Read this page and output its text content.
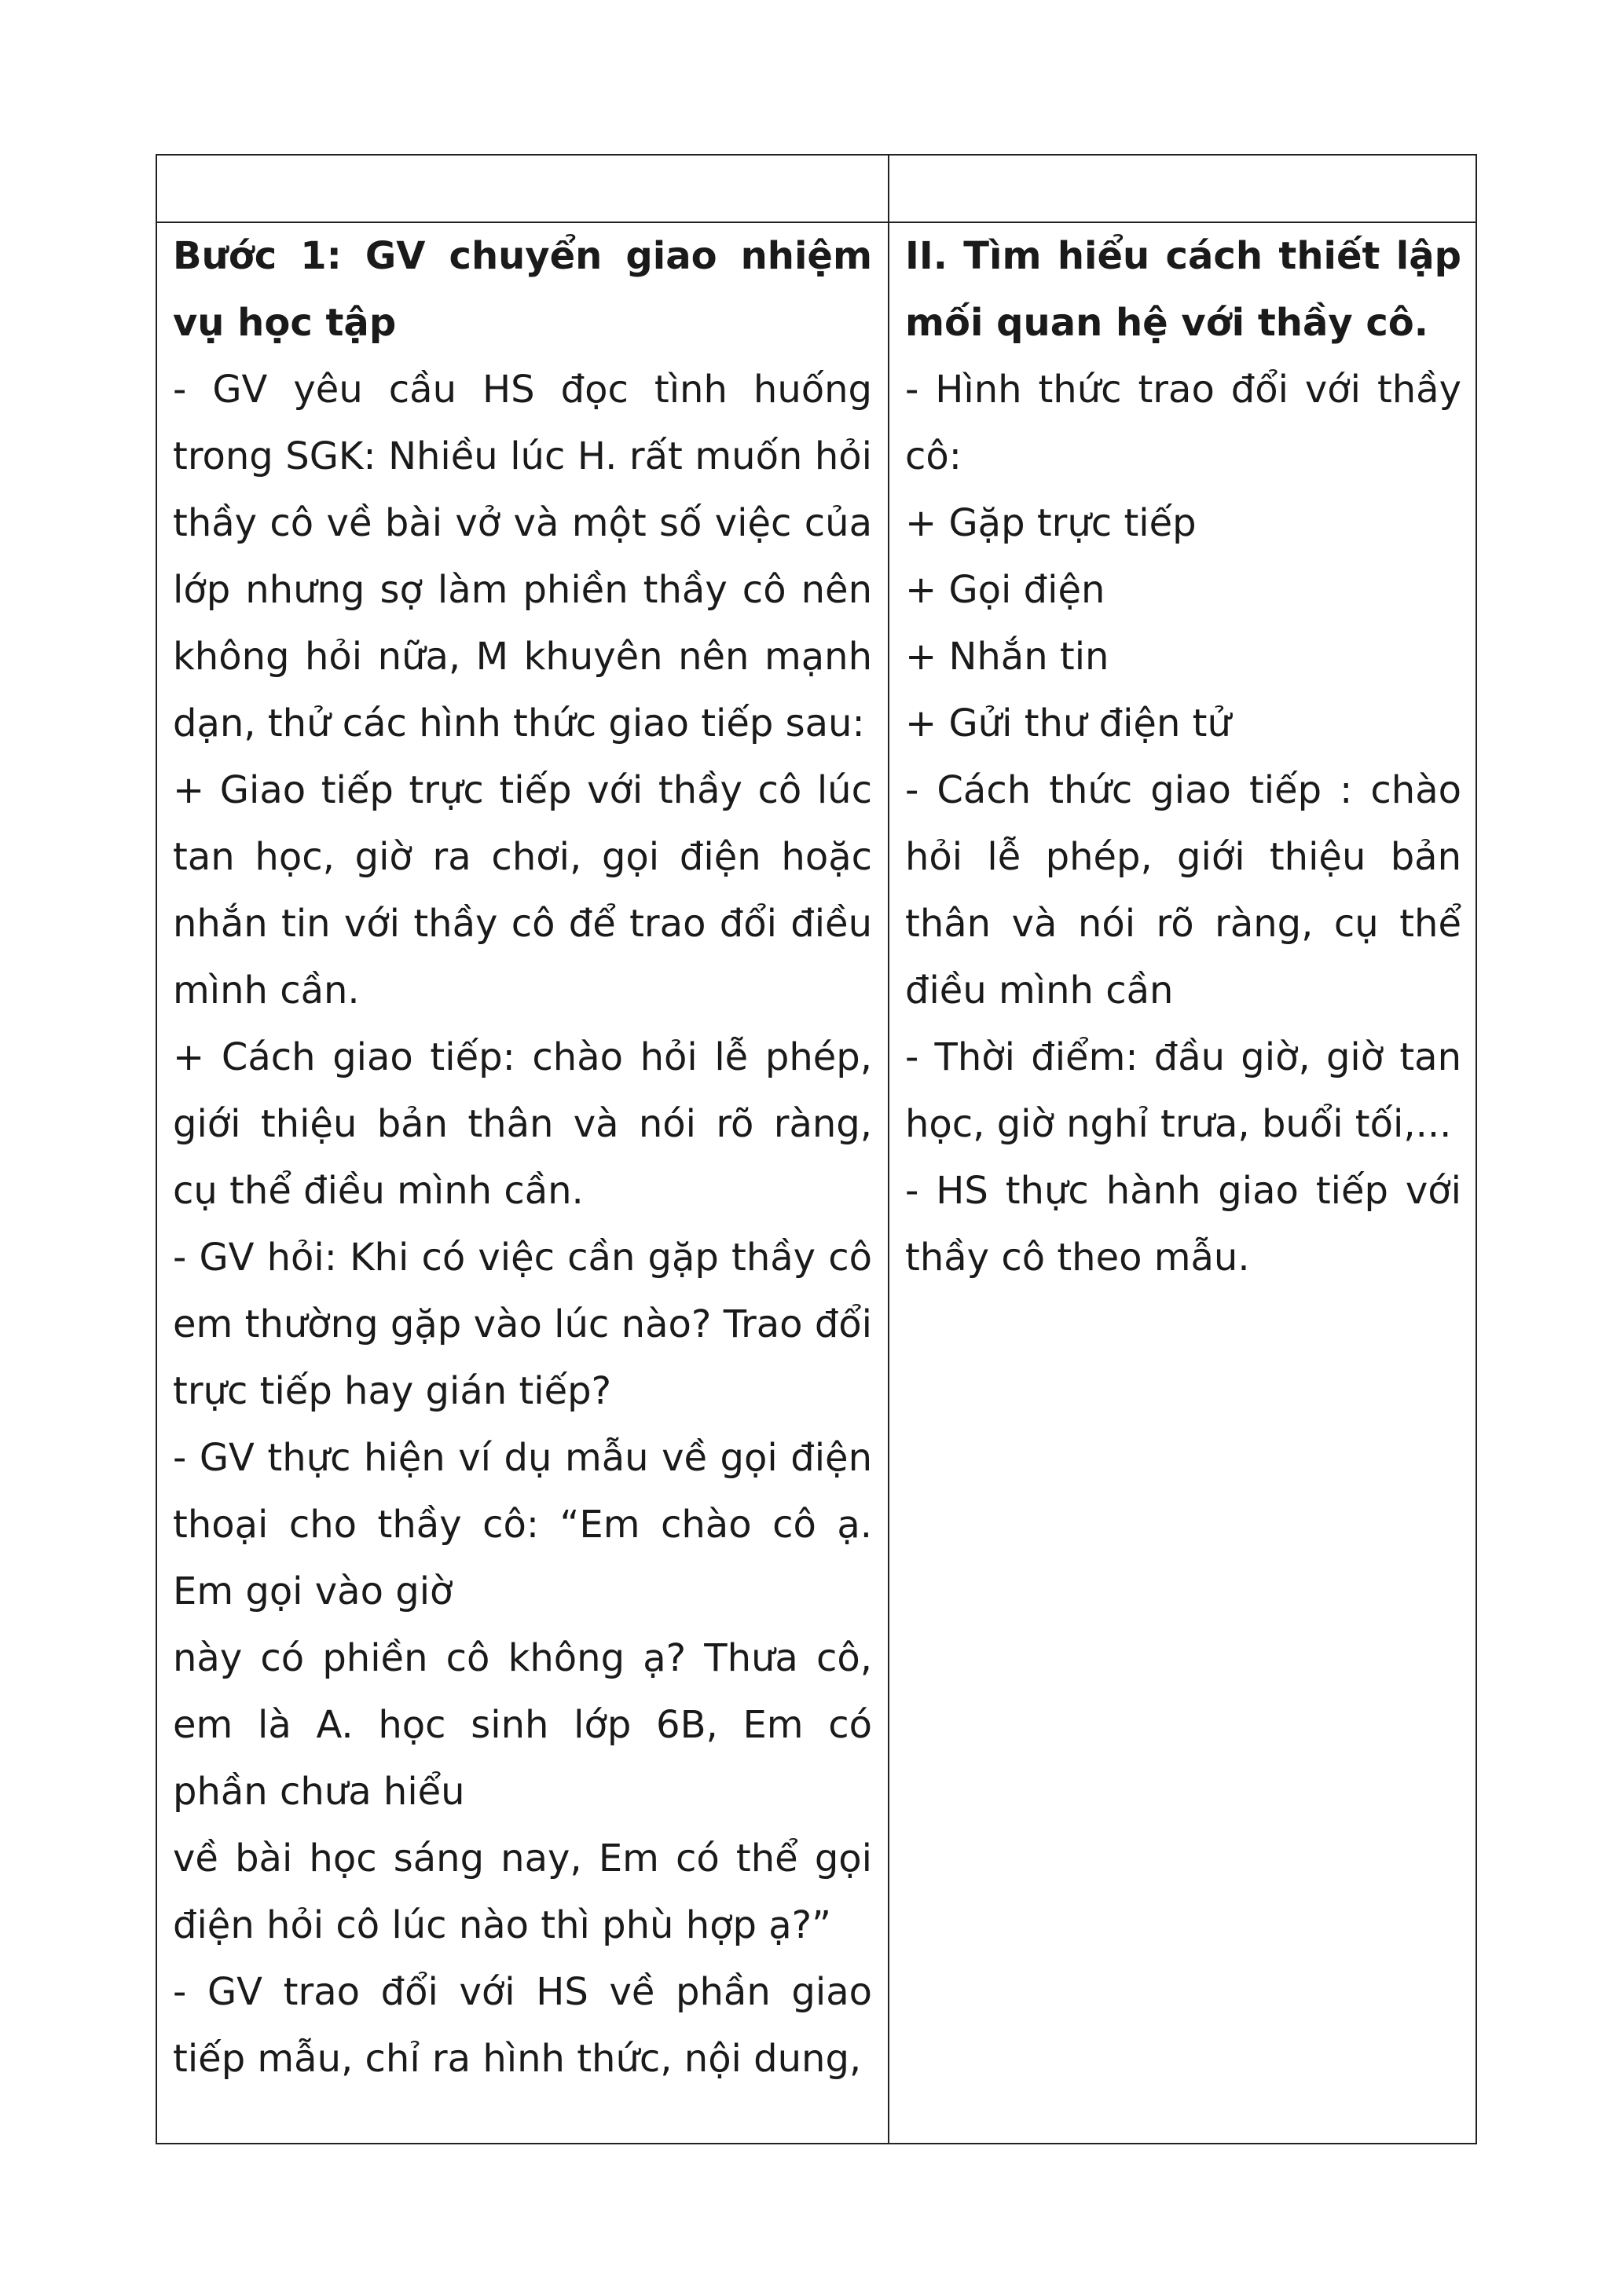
Bước 1: GV chuyển giao nhiệm vụ học tập

- GV yêu cầu HS đọc tình huống trong SGK: Nhiều lúc H. rất muốn hỏi thầy cô về bài vở và một số việc của lớp nhưng sợ làm phiền thầy cô nên không hỏi nữa, M khuyên nên mạnh dạn, thử các hình thức giao tiếp sau:

+ Giao tiếp trực tiếp với thầy cô lúc tan học, giờ ra chơi, gọi điện hoặc nhắn tin với thầy cô để trao đổi điều mình cần.

+ Cách giao tiếp: chào hỏi lễ phép, giới thiệu bản thân và nói rõ ràng, cụ thể điều mình cần.

- GV hỏi: Khi có việc cần gặp thầy cô em thường gặp vào lúc nào? Trao đổi trực tiếp hay gián tiếp?

- GV thực hiện ví dụ mẫu về gọi điện thoại cho thầy cô: “Em chào cô ạ. Em gọi vào giờ

này có phiền cô không ạ? Thưa cô, em là A. học sinh lớp 6B, Em có phần chưa hiểu

về bài học sáng nay, Em có thể gọi điện hỏi cô lúc nào thì phù hợp ạ?”

- GV trao đổi với HS về phần giao tiếp mẫu, chỉ ra hình thức, nội dung,

II. Tìm hiểu cách thiết lập mối quan hệ với thầy cô.

- Hình thức trao đổi với thầy cô:

+ Gặp trực tiếp

+ Gọi điện

+ Nhắn tin

+ Gửi thư điện tử

- Cách thức giao tiếp : chào hỏi lễ phép, giới thiệu bản thân và nói rõ ràng, cụ thể điều mình cần

- Thời điểm: đầu giờ, giờ tan học, giờ nghỉ trưa, buổi tối,...

- HS thực hành giao tiếp với thầy cô theo mẫu.
